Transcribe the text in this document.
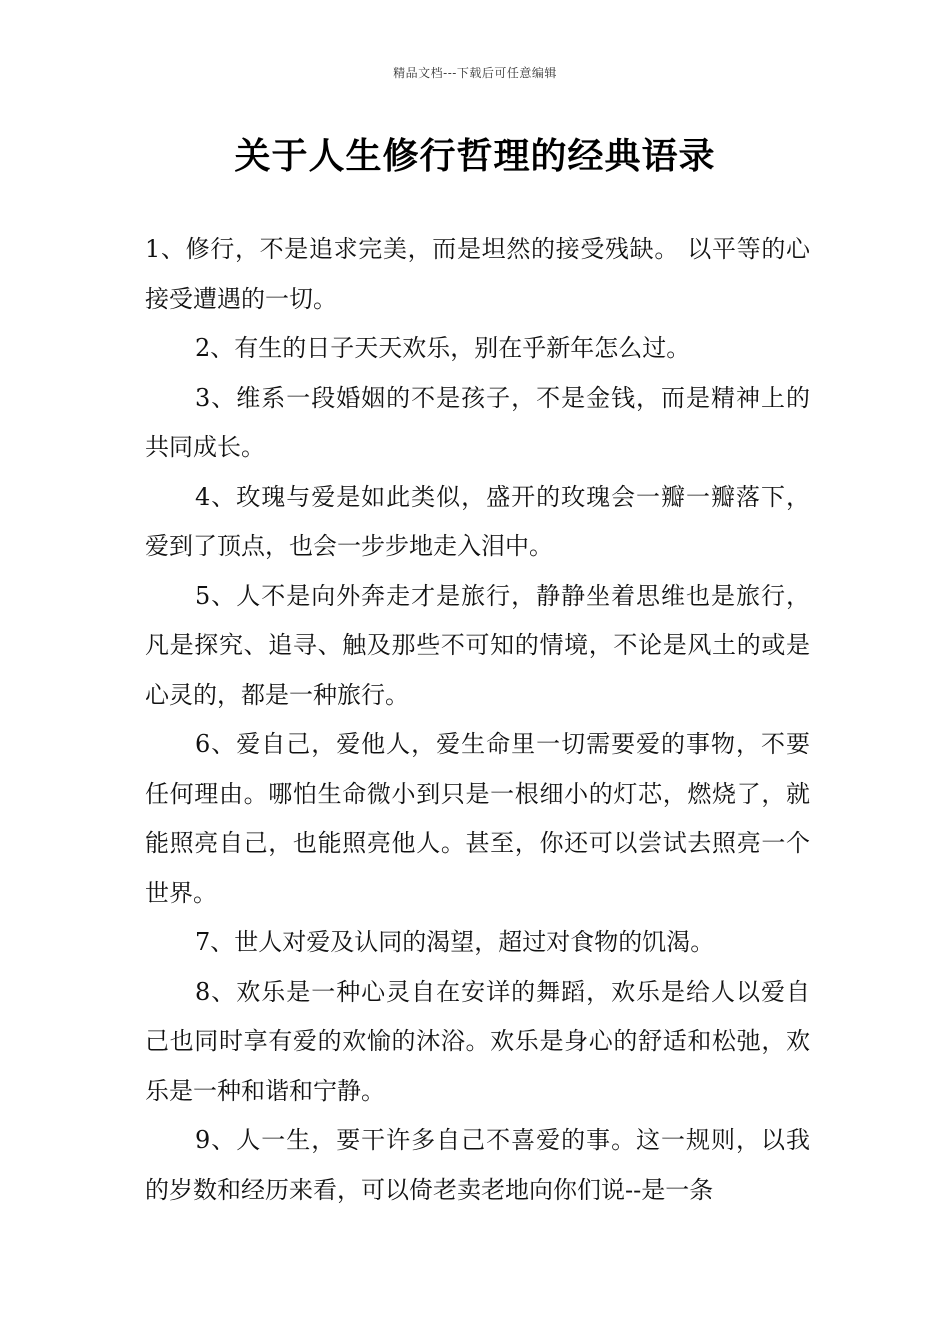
精品文档---下载后可任意编辑
关于人生修行哲理的经典语录

1、修行，不是追求完美，而是坦然的接受残缺。 以平等的心接受遭遇的一切。

2、有生的日子天天欢乐，别在乎新年怎么过。

3、维系一段婚姻的不是孩子，不是金钱，而是精神上的共同成长。

4、玫瑰与爱是如此类似，盛开的玫瑰会一瓣一瓣落下，爱到了顶点，也会一步步地走入泪中。

5、人不是向外奔走才是旅行，静静坐着思维也是旅行，凡是探究、追寻、触及那些不可知的情境，不论是风土的或是心灵的，都是一种旅行。

6、爱自己，爱他人，爱生命里一切需要爱的事物，不要任何理由。哪怕生命微小到只是一根细小的灯芯，燃烧了，就能照亮自己，也能照亮他人。甚至，你还可以尝试去照亮一个世界。

7、世人对爱及认同的渴望，超过对食物的饥渴。

8、欢乐是一种心灵自在安详的舞蹈，欢乐是给人以爱自己也同时享有爱的欢愉的沐浴。欢乐是身心的舒适和松弛，欢乐是一种和谐和宁静。

9、人一生，要干许多自己不喜爱的事。这一规则，以我的岁数和经历来看，可以倚老卖老地向你们说--是一条
